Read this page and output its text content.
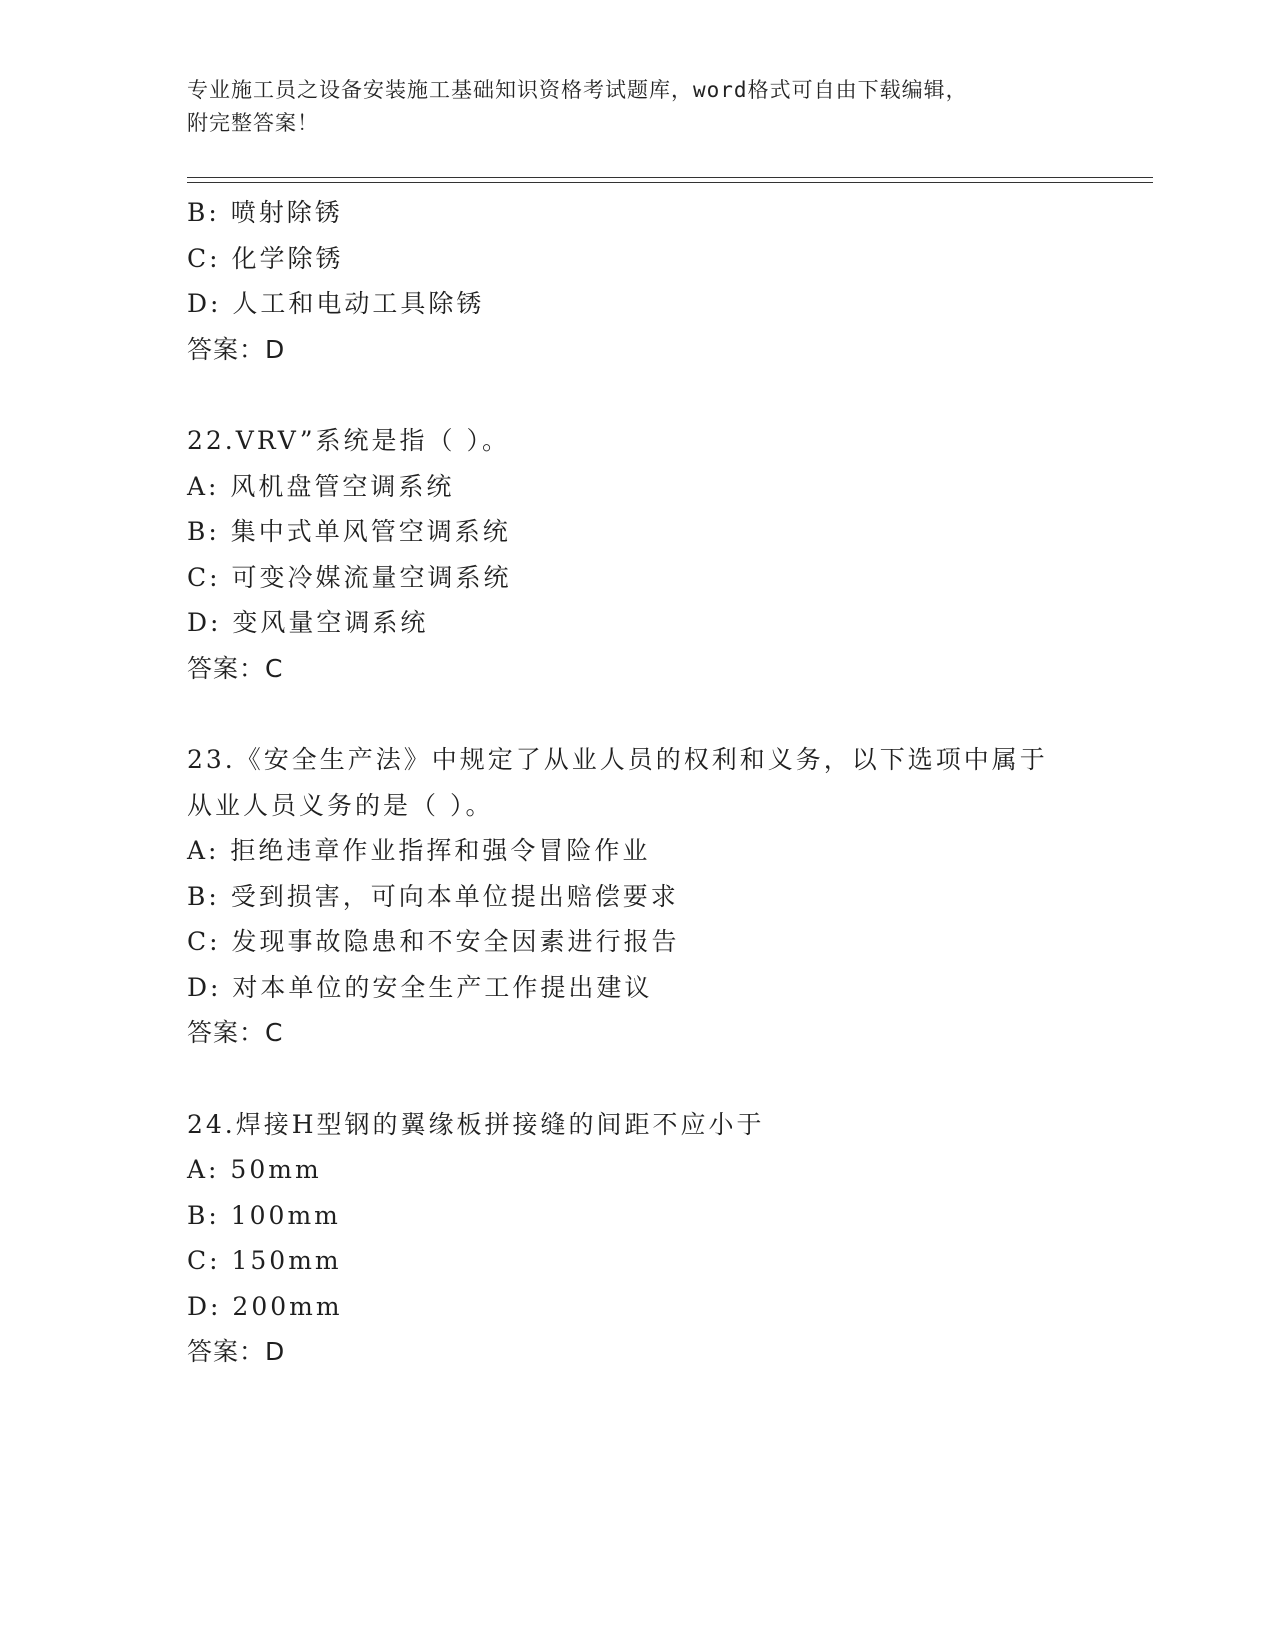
专业施工员之设备安装施工基础知识资格考试题库，word格式可自由下载编辑，
附完整答案！
B: 喷射除锈
C: 化学除锈
D: 人工和电动工具除锈
答案：D
22.VRV”系统是指（ ）。
A: 风机盘管空调系统
B: 集中式单风管空调系统
C: 可变冷媒流量空调系统
D: 变风量空调系统
答案：C
23.《安全生产法》中规定了从业人员的权利和义务，以下选项中属于
从业人员义务的是（ ）。
A: 拒绝违章作业指挥和强令冒险作业
B: 受到损害，可向本单位提出赔偿要求
C: 发现事故隐患和不安全因素进行报告
D: 对本单位的安全生产工作提出建议
答案：C
24.焊接H型钢的翼缘板拼接缝的间距不应小于
A: 50mm
B: 100mm
C: 150mm
D: 200mm
答案：D
